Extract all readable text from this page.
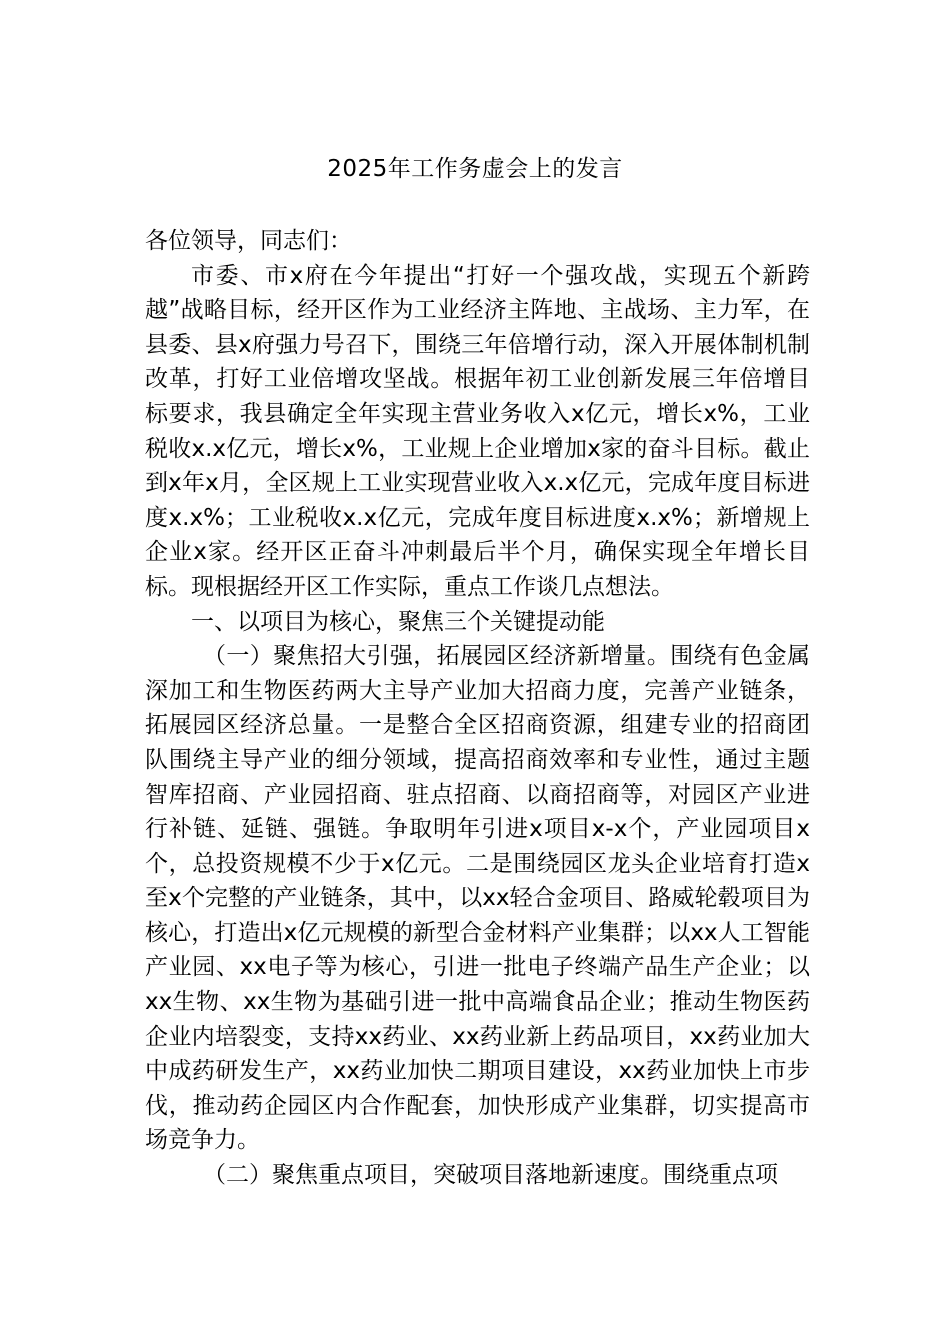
2025年工作务虚会上的发言

各位领导，同志们：

市委、市x府在今年提出“打好一个强攻战，实现五个新跨越”战略目标，经开区作为工业经济主阵地、主战场、主力军，在县委、县x府强力号召下，围绕三年倍增行动，深入开展体制机制改革，打好工业倍增攻坚战。根据年初工业创新发展三年倍增目标要求，我县确定全年实现主营业务收入x亿元，增长x%，工业税收x.x亿元，增长x%，工业规上企业增加x家的奋斗目标。截止到x年x月，全区规上工业实现营业收入x.x亿元，完成年度目标进度x.x%；工业税收x.x亿元，完成年度目标进度x.x%；新增规上企业x家。经开区正奋斗冲刺最后半个月，确保实现全年增长目标。现根据经开区工作实际，重点工作谈几点想法。

一、以项目为核心，聚焦三个关键提动能

（一）聚焦招大引强，拓展园区经济新增量。围绕有色金属深加工和生物医药两大主导产业加大招商力度，完善产业链条，拓展园区经济总量。一是整合全区招商资源，组建专业的招商团队围绕主导产业的细分领域，提高招商效率和专业性，通过主题智库招商、产业园招商、驻点招商、以商招商等，对园区产业进行补链、延链、强链。争取明年引进x项目x-x个，产业园项目x个，总投资规模不少于x亿元。二是围绕园区龙头企业培育打造x至x个完整的产业链条，其中，以xx轻合金项目、路威轮毂项目为核心，打造出x亿元规模的新型合金材料产业集群；以xx人工智能产业园、xx电子等为核心，引进一批电子终端产品生产企业；以xx生物、xx生物为基础引进一批中高端食品企业；推动生物医药企业内培裂变，支持xx药业、xx药业新上药品项目，xx药业加大中成药研发生产，xx药业加快二期项目建设，xx药业加快上市步伐，推动药企园区内合作配套，加快形成产业集群，切实提高市场竞争力。

（二）聚焦重点项目，突破项目落地新速度。围绕重点项
